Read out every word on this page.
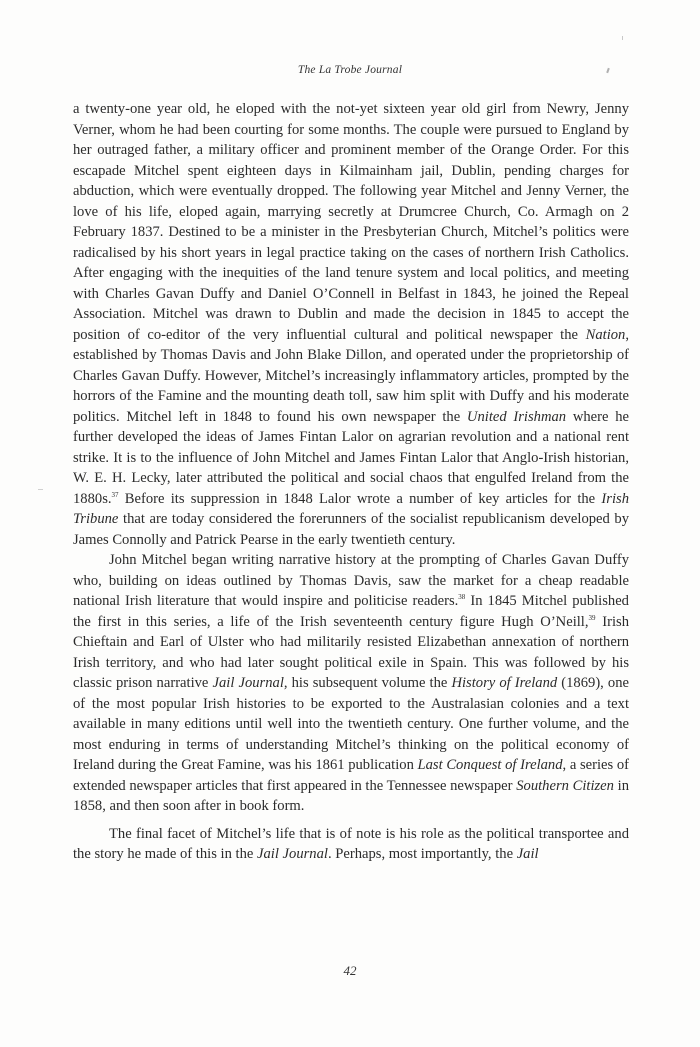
The La Trobe Journal

a twenty-one year old, he eloped with the not-yet sixteen year old girl from Newry, Jenny Verner, whom he had been courting for some months. The couple were pursued to England by her outraged father, a military officer and prominent member of the Orange Order. For this escapade Mitchel spent eighteen days in Kilmainham jail, Dublin, pending charges for abduction, which were eventually dropped. The following year Mitchel and Jenny Verner, the love of his life, eloped again, marrying secretly at Drumcree Church, Co. Armagh on 2 February 1837. Destined to be a minister in the Presbyterian Church, Mitchel’s politics were radicalised by his short years in legal practice taking on the cases of northern Irish Catholics. After engaging with the inequities of the land tenure system and local politics, and meeting with Charles Gavan Duffy and Daniel O’Connell in Belfast in 1843, he joined the Repeal Association. Mitchel was drawn to Dublin and made the decision in 1845 to accept the position of co-editor of the very influential cultural and political newspaper the Nation, established by Thomas Davis and John Blake Dillon, and operated under the proprietorship of Charles Gavan Duffy. However, Mitchel’s increasingly inflammatory articles, prompted by the horrors of the Famine and the mounting death toll, saw him split with Duffy and his moderate politics. Mitchel left in 1848 to found his own newspaper the United Irishman where he further developed the ideas of James Fintan Lalor on agrarian revolution and a national rent strike. It is to the influence of John Mitchel and James Fintan Lalor that Anglo-Irish historian, W. E. H. Lecky, later attributed the political and social chaos that engulfed Ireland from the 1880s.$^{37}$ Before its suppression in 1848 Lalor wrote a number of key articles for the Irish Tribune that are today considered the forerunners of the socialist republicanism developed by James Connolly and Patrick Pearse in the early twentieth century.

John Mitchel began writing narrative history at the prompting of Charles Gavan Duffy who, building on ideas outlined by Thomas Davis, saw the market for a cheap readable national Irish literature that would inspire and politicise readers.$^{38}$ In 1845 Mitchel published the first in this series, a life of the Irish seventeenth century figure Hugh O’Neill,$^{39}$ Irish Chieftain and Earl of Ulster who had militarily resisted Elizabethan annexation of northern Irish territory, and who had later sought political exile in Spain. This was followed by his classic prison narrative Jail Journal, his subsequent volume the History of Ireland (1869), one of the most popular Irish histories to be exported to the Australasian colonies and a text available in many editions until well into the twentieth century. One further volume, and the most enduring in terms of understanding Mitchel’s thinking on the political economy of Ireland during the Great Famine, was his 1861 publication Last Conquest of Ireland, a series of extended newspaper articles that first appeared in the Tennessee newspaper Southern Citizen in 1858, and then soon after in book form.

The final facet of Mitchel’s life that is of note is his role as the political transportee and the story he made of this in the Jail Journal. Perhaps, most importantly, the Jail

42
